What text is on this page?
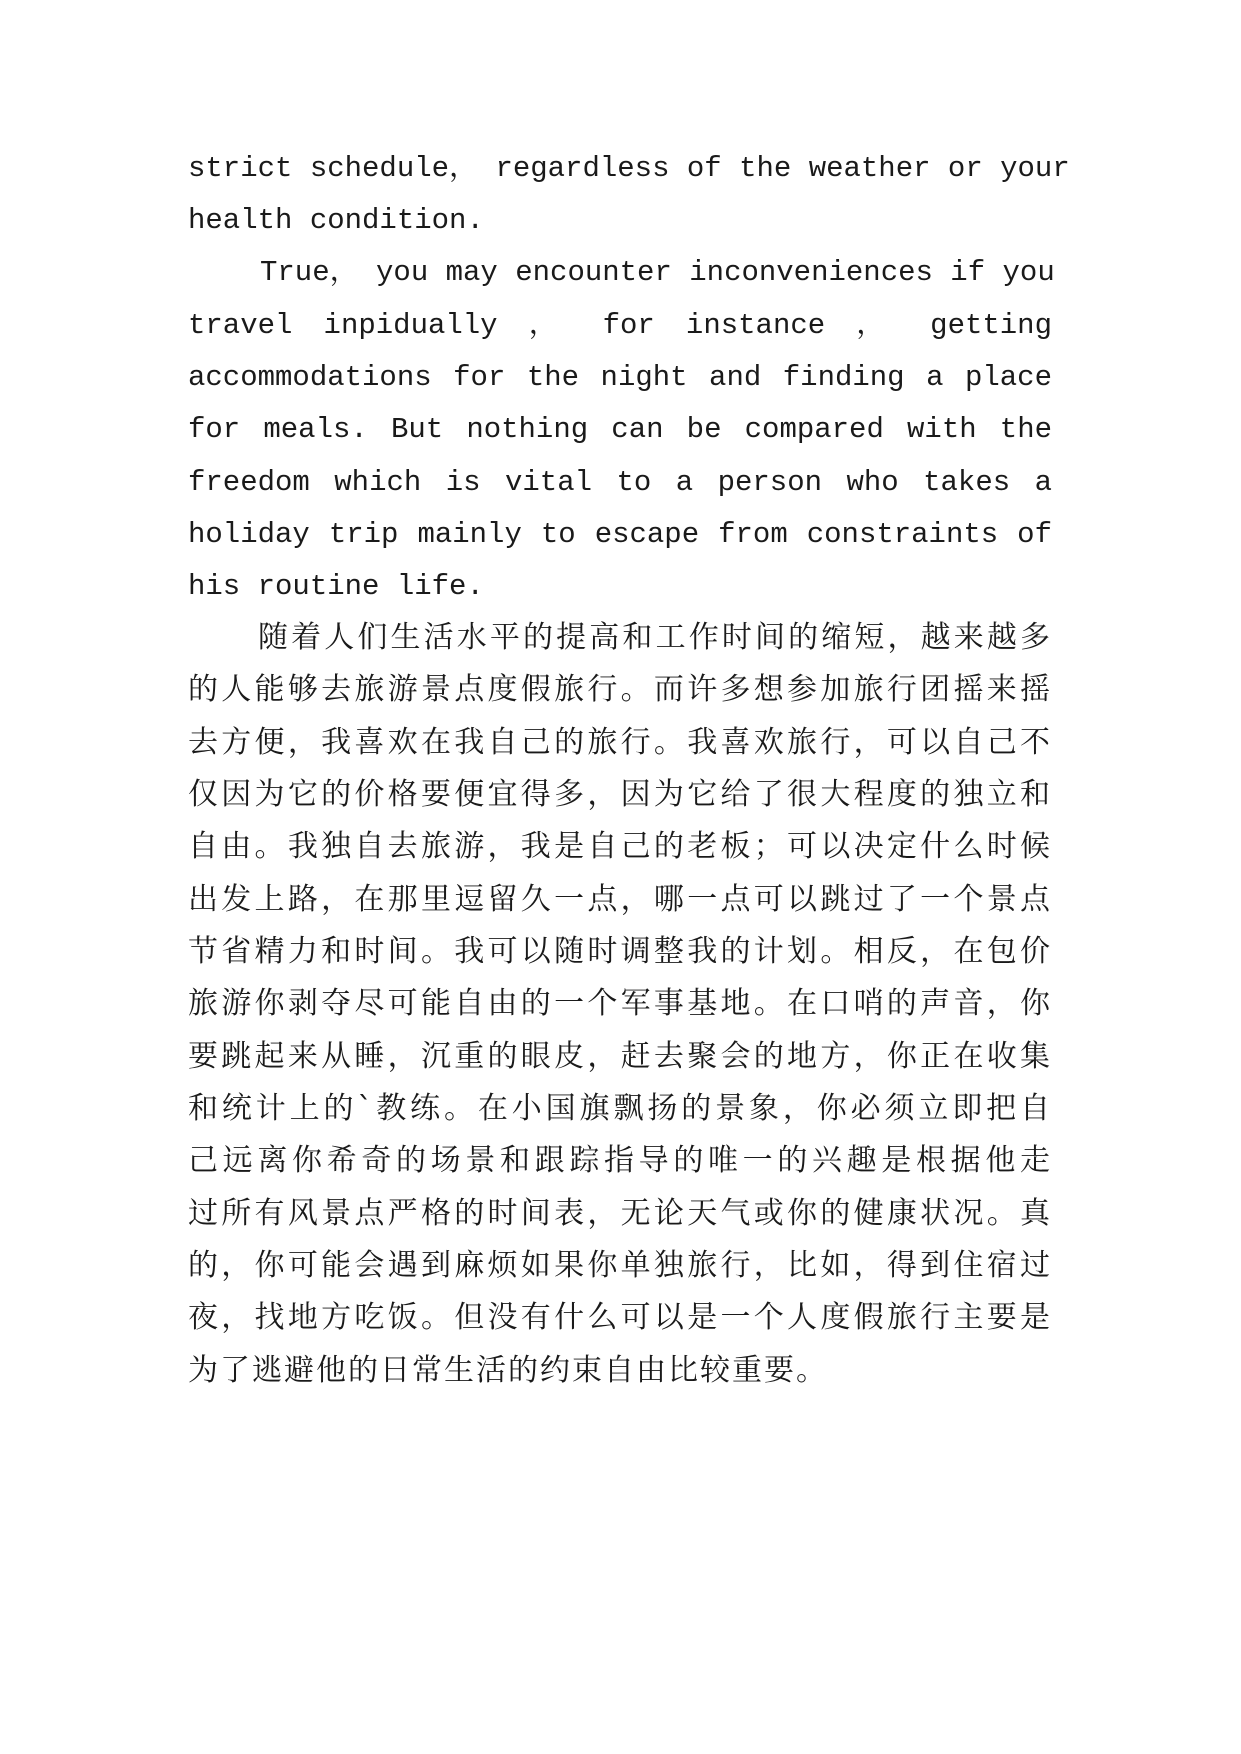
strict schedule， regardless of the weather or your
health condition.
True， you may encounter inconveniences if you
travel inpidually ， for instance ， getting
accommodations for the night and finding a place
for meals. But nothing can be compared with the
freedom which is vital to a person who takes a
holiday trip mainly to escape from constraints of
his routine life.
随着人们生活水平的提高和工作时间的缩短，越来越多
的人能够去旅游景点度假旅行。而许多想参加旅行团摇来摇
去方便，我喜欢在我自己的旅行。我喜欢旅行，可以自己不
仅因为它的价格要便宜得多，因为它给了很大程度的独立和
自由。我独自去旅游，我是自己的老板；可以决定什么时候
出发上路，在那里逗留久一点，哪一点可以跳过了一个景点
节省精力和时间。我可以随时调整我的计划。相反，在包价
旅游你剥夺尽可能自由的一个军事基地。在口哨的声音，你
要跳起来从睡，沉重的眼皮，赶去聚会的地方，你正在收集
和统计上的`教练。在小国旗飘扬的景象，你必须立即把自
己远离你希奇的场景和跟踪指导的唯一的兴趣是根据他走
过所有风景点严格的时间表，无论天气或你的健康状况。真
的，你可能会遇到麻烦如果你单独旅行，比如，得到住宿过
夜，找地方吃饭。但没有什么可以是一个人度假旅行主要是
为了逃避他的日常生活的约束自由比较重要。
